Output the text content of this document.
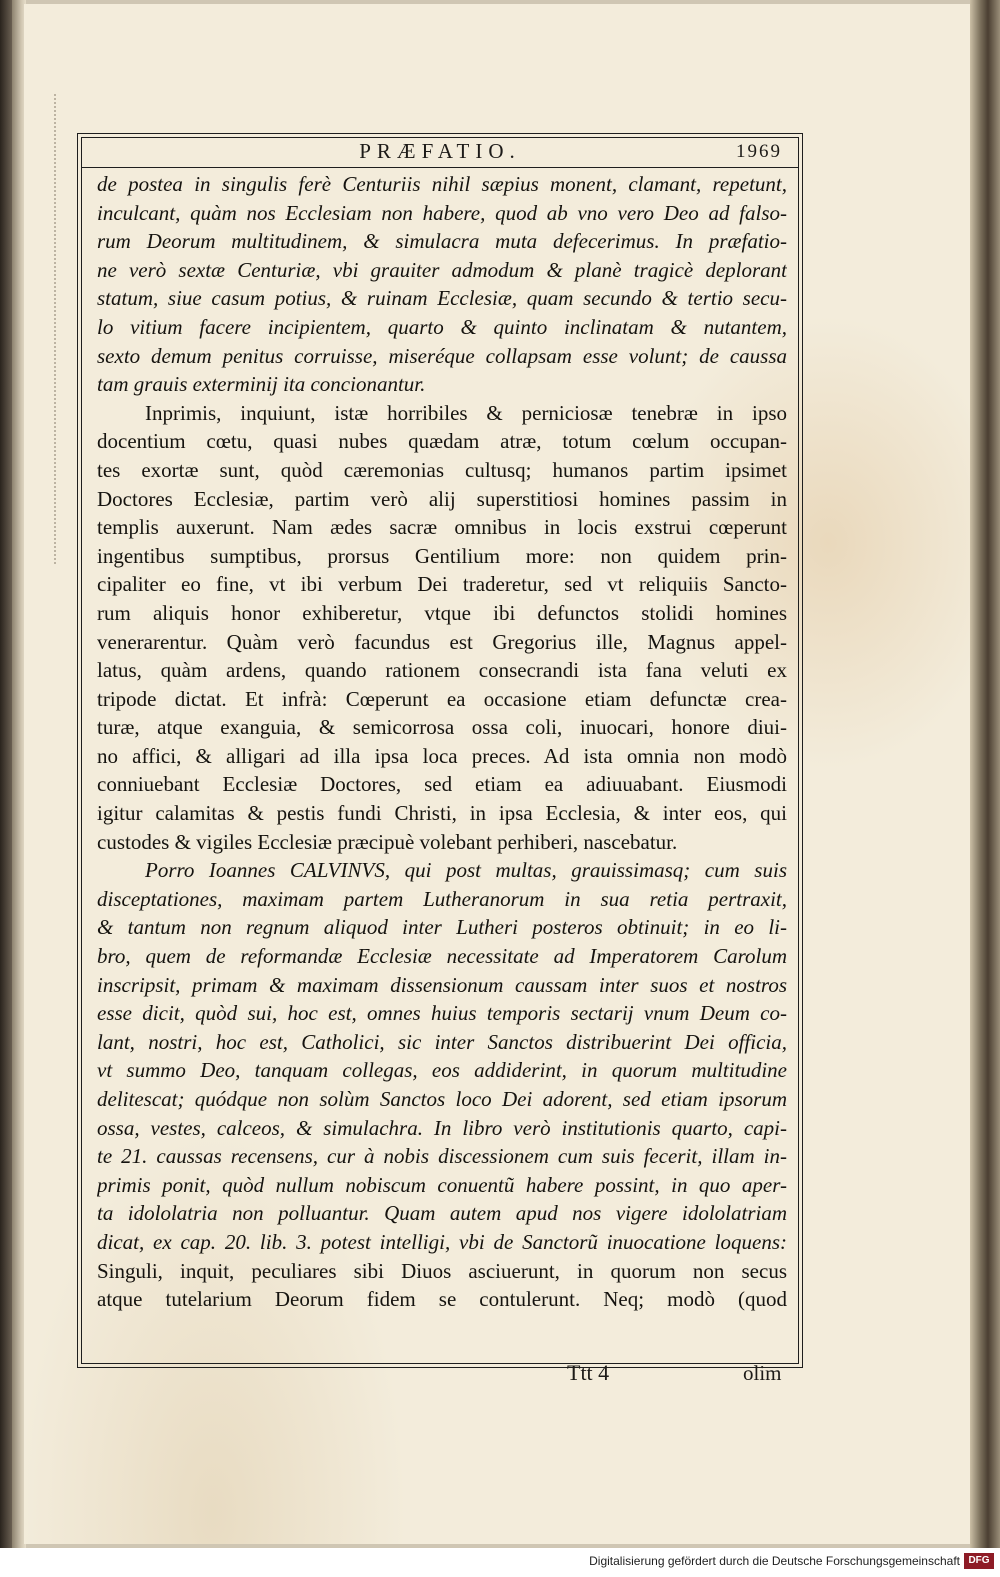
PRÆFATIO.	1969
de postea in singulis ferè Centuriis nihil sæpius monent, clamant, repetunt,
inculcant, quàm nos Ecclesiam non habere, quod ab vno vero Deo ad falso-
rum Deorum multitudinem, & simulacra muta defecerimus. In præfatio-
ne verò sextæ Centuriæ, vbi grauiter admodum & planè tragicè deplorant
statum, siue casum potius, & ruinam Ecclesiæ, quam secundo & tertio secu-
lo vitium facere incipientem, quarto & quinto inclinatam & nutantem,
sexto demum penitus corruisse, miseréque collapsam esse volunt; de caussa
tam grauis exterminij ita concionantur.
Inprimis, inquiunt, istæ horribiles & perniciosæ tenebræ in ipso
docentium cœtu, quasi nubes quædam atræ, totum cœlum occupan-
tes exortæ sunt, quòd cæremonias cultusq; humanos partim ipsimet
Doctores Ecclesiæ, partim verò alij superstitiosi homines passim in
templis auxerunt. Nam ædes sacræ omnibus in locis exstrui cœperunt
ingentibus sumptibus, prorsus Gentilium more: non quidem prin-
cipaliter eo fine, vt ibi verbum Dei traderetur, sed vt reliquiis Sancto-
rum aliquis honor exhiberetur, vtque ibi defunctos stolidi homines
venerarentur. Quàm verò facundus est Gregorius ille, Magnus appel-
latus, quàm ardens, quando rationem consecrandi ista fana veluti ex
tripode dictat. Et infrà: Cœperunt ea occasione etiam defunctæ crea-
turæ, atque exanguia, & semicorrosa ossa coli, inuocari, honore diui-
no affici, & alligari ad illa ipsa loca preces. Ad ista omnia non modò
conniuebant Ecclesiæ Doctores, sed etiam ea adiuuabant. Eiusmodi
igitur calamitas & pestis fundi Christi, in ipsa Ecclesia, & inter eos, qui
custodes & vigiles Ecclesiæ præcipuè volebant perhiberi, nascebatur.
Porro Ioannes CALVINVS, qui post multas, grauissimasq; cum suis
disceptationes, maximam partem Lutheranorum in sua retia pertraxit,
& tantum non regnum aliquod inter Lutheri posteros obtinuit; in eo li-
bro, quem de reformandæ Ecclesiæ necessitate ad Imperatorem Carolum
inscripsit, primam & maximam dissensionum caussam inter suos et nostros
esse dicit, quòd sui, hoc est, omnes huius temporis sectarij vnum Deum co-
lant, nostri, hoc est, Catholici, sic inter Sanctos distribuerint Dei officia,
vt summo Deo, tanquam collegas, eos addiderint, in quorum multitudine
delitescat; quódque non solùm Sanctos loco Dei adorent, sed etiam ipsorum
ossa, vestes, calceos, & simulachra. In libro verò institutionis quarto, capi-
te 21. caussas recensens, cur à nobis discessionem cum suis fecerit, illam in-
primis ponit, quòd nullum nobiscum conuentũ habere possint, in quo aper-
ta idololatria non polluantur. Quam autem apud nos vigere idololatriam
dicat, ex cap. 20. lib. 3. potest intelligi, vbi de Sanctorũ inuocatione loquens:
Singuli, inquit, peculiares sibi Diuos asciuerunt, in quorum non secus
atque tutelarium Deorum fidem se contulerunt. Neq; modò (quod
Ttt 4	olim
Digitalisierung gefördert durch die Deutsche Forschungsgemeinschaft DFG
